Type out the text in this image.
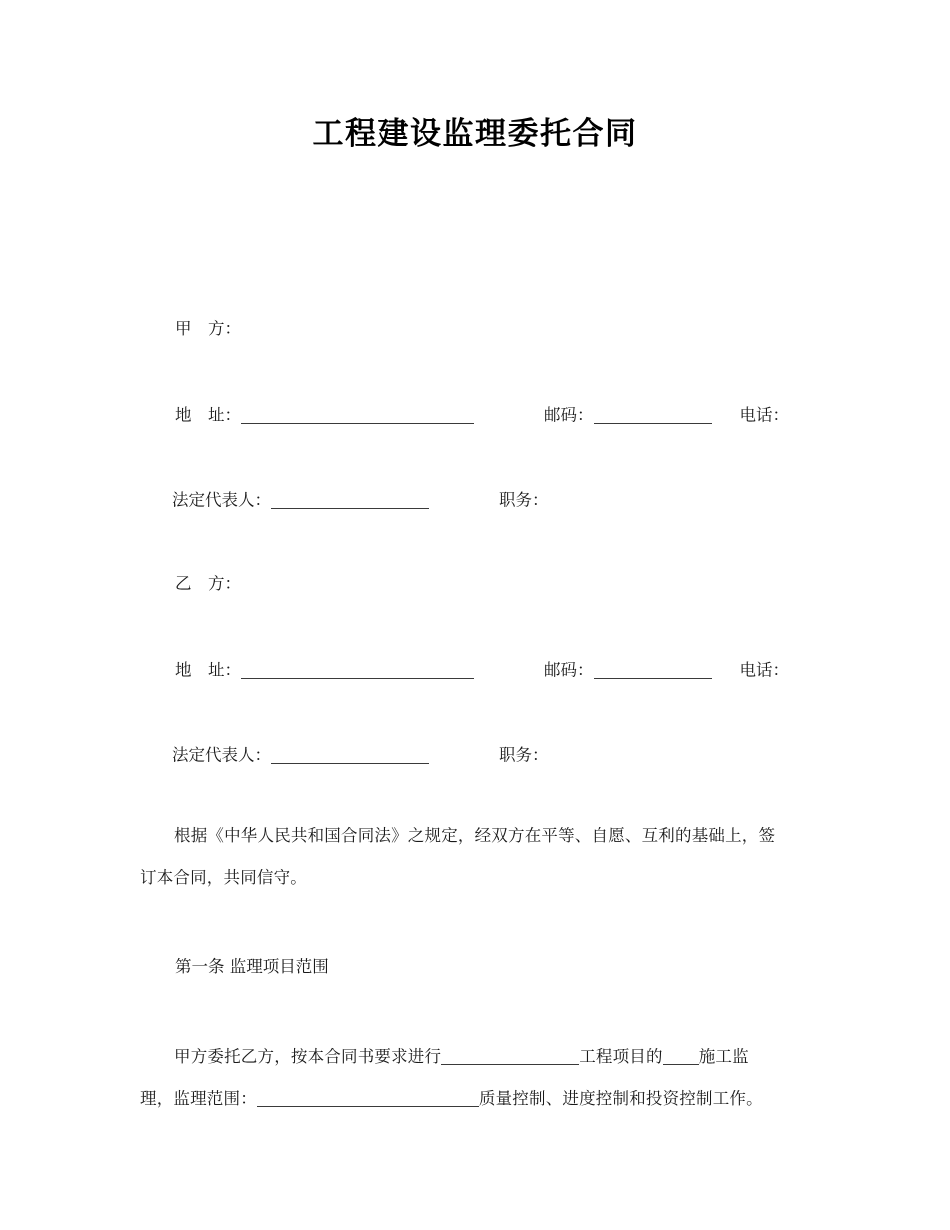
工程建设监理委托合同
甲　方：
地　址：	邮码：	电话：
法定代表人：	职务：
乙　方：
地　址：	邮码：	电话：
法定代表人：	职务：
根据《中华人民共和国合同法》之规定，经双方在平等、自愿、互利的基础上，签
订本合同，共同信守。
第一条 监理项目范围
甲方委托乙方，按本合同书要求进行	工程项目的 施工监
理，监理范围：	质量控制、进度控制和投资控制工作。
